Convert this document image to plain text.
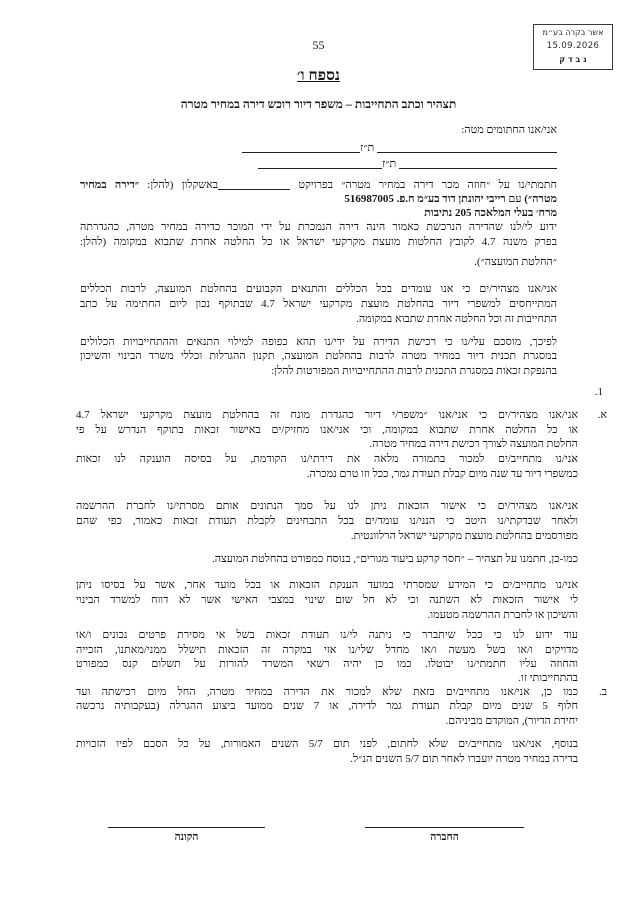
אשר בקרה בע״מ
15.09.2026
נ ב ד ק
55
נספח ו׳
תצהיר וכתב התחייבות – משפר דיור רוכש דירה במחיר מטרה
אני/אנו החתומים מטה:
ת״ז
ת״ז
חתמתי/נו על ״חוזה מכר דירה במחיר מטרה״ בפרויקט באשקלון (להלן: ״דירה במחיר
מטרה״) עם רייבי יהונתן דוד בע״מ ח.פ. 516987005
מרח׳ בעלי המלאכה 205 נתיבות
ידוע לי/לנו שהדירה הנרכשת כאמור הינה דירה הנמכרת על ידי המוכר כדירה במחיר מטרה, כהגדרתה
בפרק משנה 4.7 לקובץ החלטות מועצת מקרקעי ישראל או כל החלטה אחרת שתבוא במקומה (להלן:
״החלטת המועצה״).
אני/אנו מצהיר/ים כי אנו עומדים בכל הכללים והתנאים הקבועים בהחלטת המועצה, לרבות הכללים
המתייחסים למשפרי דיור בהחלטת מועצת מקרקעי ישראל 4.7 שבתוקף נכון ליום החתימה על כתב
התחייבות זה וכל החלטה אחרת שתבוא במקומה.
לפיכך, מוסכם עלי/נו כי רכישת הדירה על ידי/נו תהא כפופה למילוי התנאים וההתחייבויות הכלולים
במסגרת תכנית דיור במחיר מטרה לרבות בהחלטת המועצה, תקנון ההגרלות וכללי משרד הבינוי והשיכון
בהנפקת זכאות במסגרת התכנית לרבות ההתחייבויות המפורטות להלן:
1.
א.
אני/אנו מצהיר/ים כי אני/אנו ״משפר/י דיור כהגדרת מונח זה בהחלטת מועצת מקרקעי ישראל 4.7
או כל החלטה אחרת שתבוא במקומה, וכי אני/אנו מחזיק/ים באישור זכאות בתוקף הנדרש על פי
החלטת המועצה לצורך רכישת דירה במחיר מטרה.
אני/נו מתחייב/ים למכור בתמורה מלאה את דירתי/נו הקודמת, על בסיסה הוענקה לנו זכאות
כמשפרי דיור עד שנה מיום קבלת תעודת גמר, ככל וזו טרם נמכרה.
אני/אנו מצהיר/ים כי אישור הזכאות ניתן לנו על סמך הנתונים אותם מסרתי/נו לחברת ההרשמה
ולאחר שבדקתי/נו היטב כי הנני/נו עומד/ים בכל התבחינים לקבלת תעודת זכאות כאמור, כפי שהם
מפורסמים בהחלטת מועצת מקרקעי ישראל הרלוונטית.
כמו-כן, חתמנו על תצהיר – ״חסר קרקע ביעוד מגורים״, בנוסח כמפורט בהחלטת המועצה.
אני/נו מתחייב/ים כי המידע שמסרתי במועד הענקת הזכאות או בכל מועד אחר, אשר על בסיסו ניתן
לי אישור הזכאות לא השתנה וכי לא חל שום שינוי במצבי האישי אשר לא דווח למשרד הבינוי
והשיכון או לחברת ההרשמה מטעמו.
עוד ידוע לנו כי ככל שיתברר כי ניתנה לי/נו תעודת זכאות בשל אי מסירת פרטים נכונים ו/או
מדויקים ו/או בשל מעשה ו/או מחדל שלי/נו אזי במקרה זה הזכאות תישלל ממני/מאתנו, הזכייה
והחוזה עליו חתמתי/נו יבוטלו. כמו כן יהיה רשאי המשרד להורות על תשלום קנס כמפורט
בהתחייבותי זו.
ב.
כמו כן, אני/אנו מתחייב/ים בזאת שלא למכור את הדירה במחיר מטרה, החל מיום רכישתה ועד
חלוף 5 שנים מיום קבלת תעודת גמר לדירה, או 7 שנים ממועד ביצוע ההגרלה (בעקבותיה נרכשה
יחידת הדיור), המוקדם מביניהם.
בנוסף, אני/אנו מתחייב/ים שלא לחתום, לפני תום 5/7 השנים האמורות, על כל הסכם לפיו הזכויות
בדירה במחיר מטרה יועברו לאחר תום 5/7 השנים הנ״ל.
הקונה	החברה
